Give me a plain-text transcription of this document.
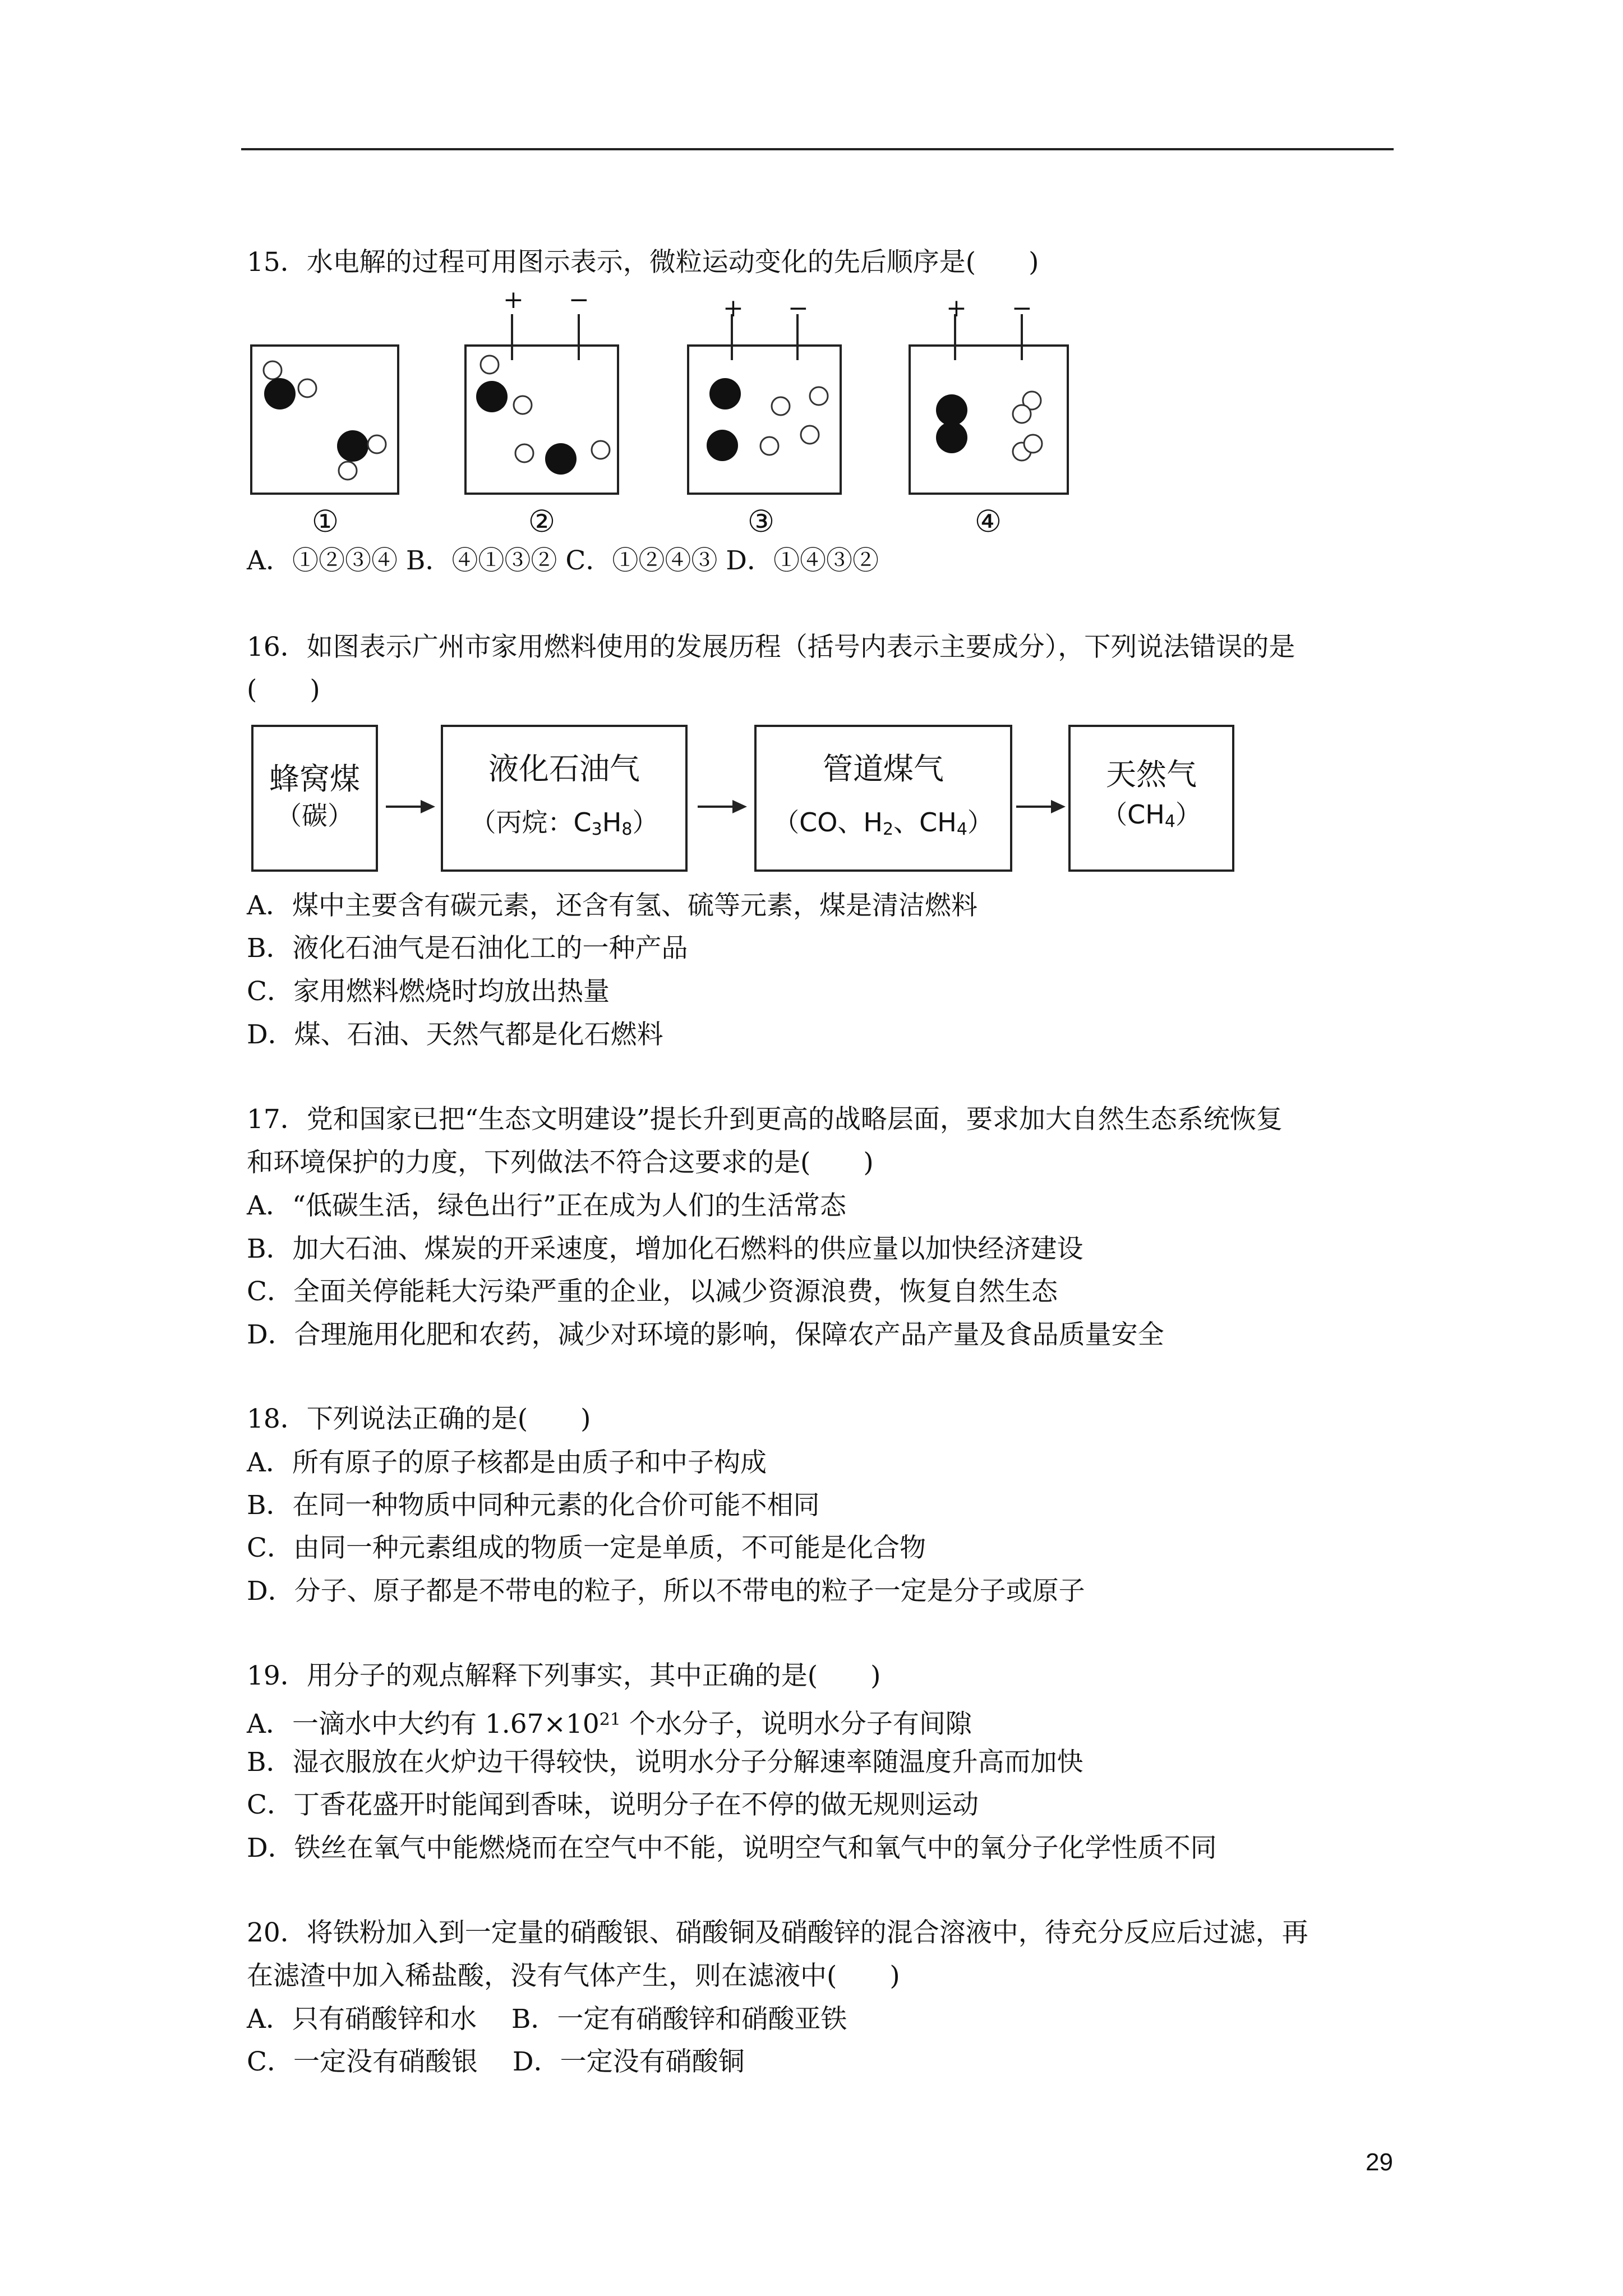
15．水电解的过程可用图示表示，微粒运动变化的先后顺序是(　　)
+ −	+ −	+ −
①	②	③	④
A．①②③④ B．④①③② C．①②④③ D．①④③②
16．如图表示广州市家用燃料使用的发展历程（括号内表示主要成分），下列说法错误的是
(　　)
蜂窝煤
（碳）
液化石油气
（丙烷：$C_3H_8$）
管道煤气
（CO、$H_2$、$CH_4$）
天然气
$(CH_4)$
A．煤中主要含有碳元素，还含有氢、硫等元素，煤是清洁燃料
B．液化石油气是石油化工的一种产品
C．家用燃料燃烧时均放出热量
D．煤、石油、天然气都是化石燃料
17．党和国家已把“生态文明建设”提长升到更高的战略层面，要求加大自然生态系统恢复
和环境保护的力度，下列做法不符合这要求的是(　　)
A．“低碳生活，绿色出行”正在成为人们的生活常态
B．加大石油、煤炭的开采速度，增加化石燃料的供应量以加快经济建设
C．全面关停能耗大污染严重的企业，以减少资源浪费，恢复自然生态
D．合理施用化肥和农药，减少对环境的影响，保障农产品产量及食品质量安全
18．下列说法正确的是(　　)
A．所有原子的原子核都是由质子和中子构成
B．在同一种物质中同种元素的化合价可能不相同
C．由同一种元素组成的物质一定是单质，不可能是化合物
D．分子、原子都是不带电的粒子，所以不带电的粒子一定是分子或原子
19．用分子的观点解释下列事实，其中正确的是(　　)
A．一滴水中大约有 $1.67\times 10^{21}$ 个水分子，说明水分子有间隙
B．湿衣服放在火炉边干得较快，说明水分子分解速率随温度升高而加快
C．丁香花盛开时能闻到香味，说明分子在不停的做无规则运动
D．铁丝在氧气中能燃烧而在空气中不能，说明空气和氧气中的氧分子化学性质不同
20．将铁粉加入到一定量的硝酸银、硝酸铜及硝酸锌的混合溶液中，待充分反应后过滤，再
在滤渣中加入稀盐酸，没有气体产生，则在滤液中(　　)
A．只有硝酸锌和水　 B．一定有硝酸锌和硝酸亚铁
C．一定没有硝酸银　 D．一定没有硝酸铜
29
